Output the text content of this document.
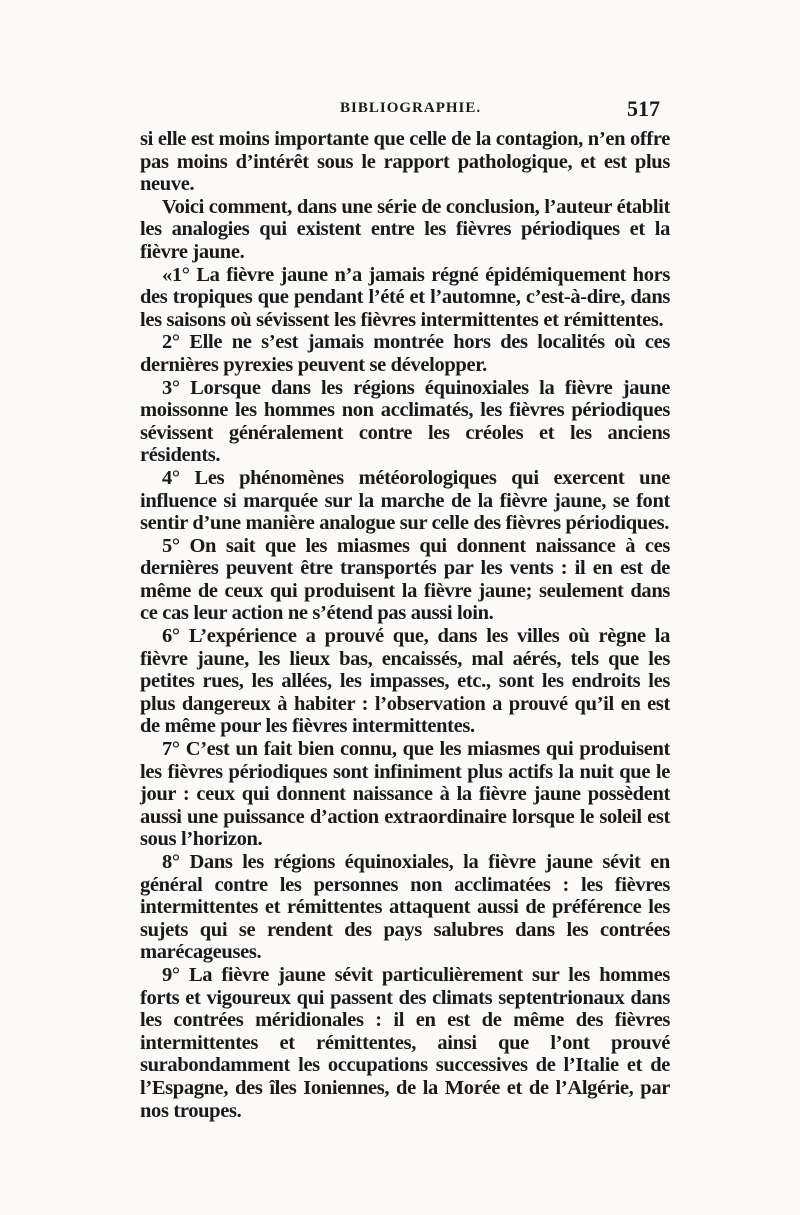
BIBLIOGRAPHIE.	517

si elle est moins importante que celle de la contagion, n’en offre pas moins d’intérêt sous le rapport pathologique, et est plus neuve.

Voici comment, dans une série de conclusion, l’auteur établit les analogies qui existent entre les fièvres périodiques et la fièvre jaune.

«1° La fièvre jaune n’a jamais régné épidémiquement hors des tropiques que pendant l’été et l’automne, c’est-à-dire, dans les saisons où sévissent les fièvres intermittentes et rémittentes.

2° Elle ne s’est jamais montrée hors des localités où ces dernières pyrexies peuvent se développer.

3° Lorsque dans les régions équinoxiales la fièvre jaune moissonne les hommes non acclimatés, les fièvres périodiques sévissent généralement contre les créoles et les anciens résidents.

4° Les phénomènes météorologiques qui exercent une influence si marquée sur la marche de la fièvre jaune, se font sentir d’une manière analogue sur celle des fièvres périodiques.

5° On sait que les miasmes qui donnent naissance à ces dernières peuvent être transportés par les vents : il en est de même de ceux qui produisent la fièvre jaune; seulement dans ce cas leur action ne s’étend pas aussi loin.

6° L’expérience a prouvé que, dans les villes où règne la fièvre jaune, les lieux bas, encaissés, mal aérés, tels que les petites rues, les allées, les impasses, etc., sont les endroits les plus dangereux à habiter : l’observation a prouvé qu’il en est de même pour les fièvres intermittentes.

7° C’est un fait bien connu, que les miasmes qui produisent les fièvres périodiques sont infiniment plus actifs la nuit que le jour : ceux qui donnent naissance à la fièvre jaune possèdent aussi une puissance d’action extraordinaire lorsque le soleil est sous l’horizon.

8° Dans les régions équinoxiales, la fièvre jaune sévit en général contre les personnes non acclimatées : les fièvres intermittentes et rémittentes attaquent aussi de préférence les sujets qui se rendent des pays salubres dans les contrées marécageuses.

9° La fièvre jaune sévit particulièrement sur les hommes forts et vigoureux qui passent des climats septentrionaux dans les contrées méridionales : il en est de même des fièvres intermittentes et rémittentes, ainsi que l’ont prouvé surabondamment les occupations successives de l’Italie et de l’Espagne, des îles Ioniennes, de la Morée et de l’Algérie, par nos troupes.
